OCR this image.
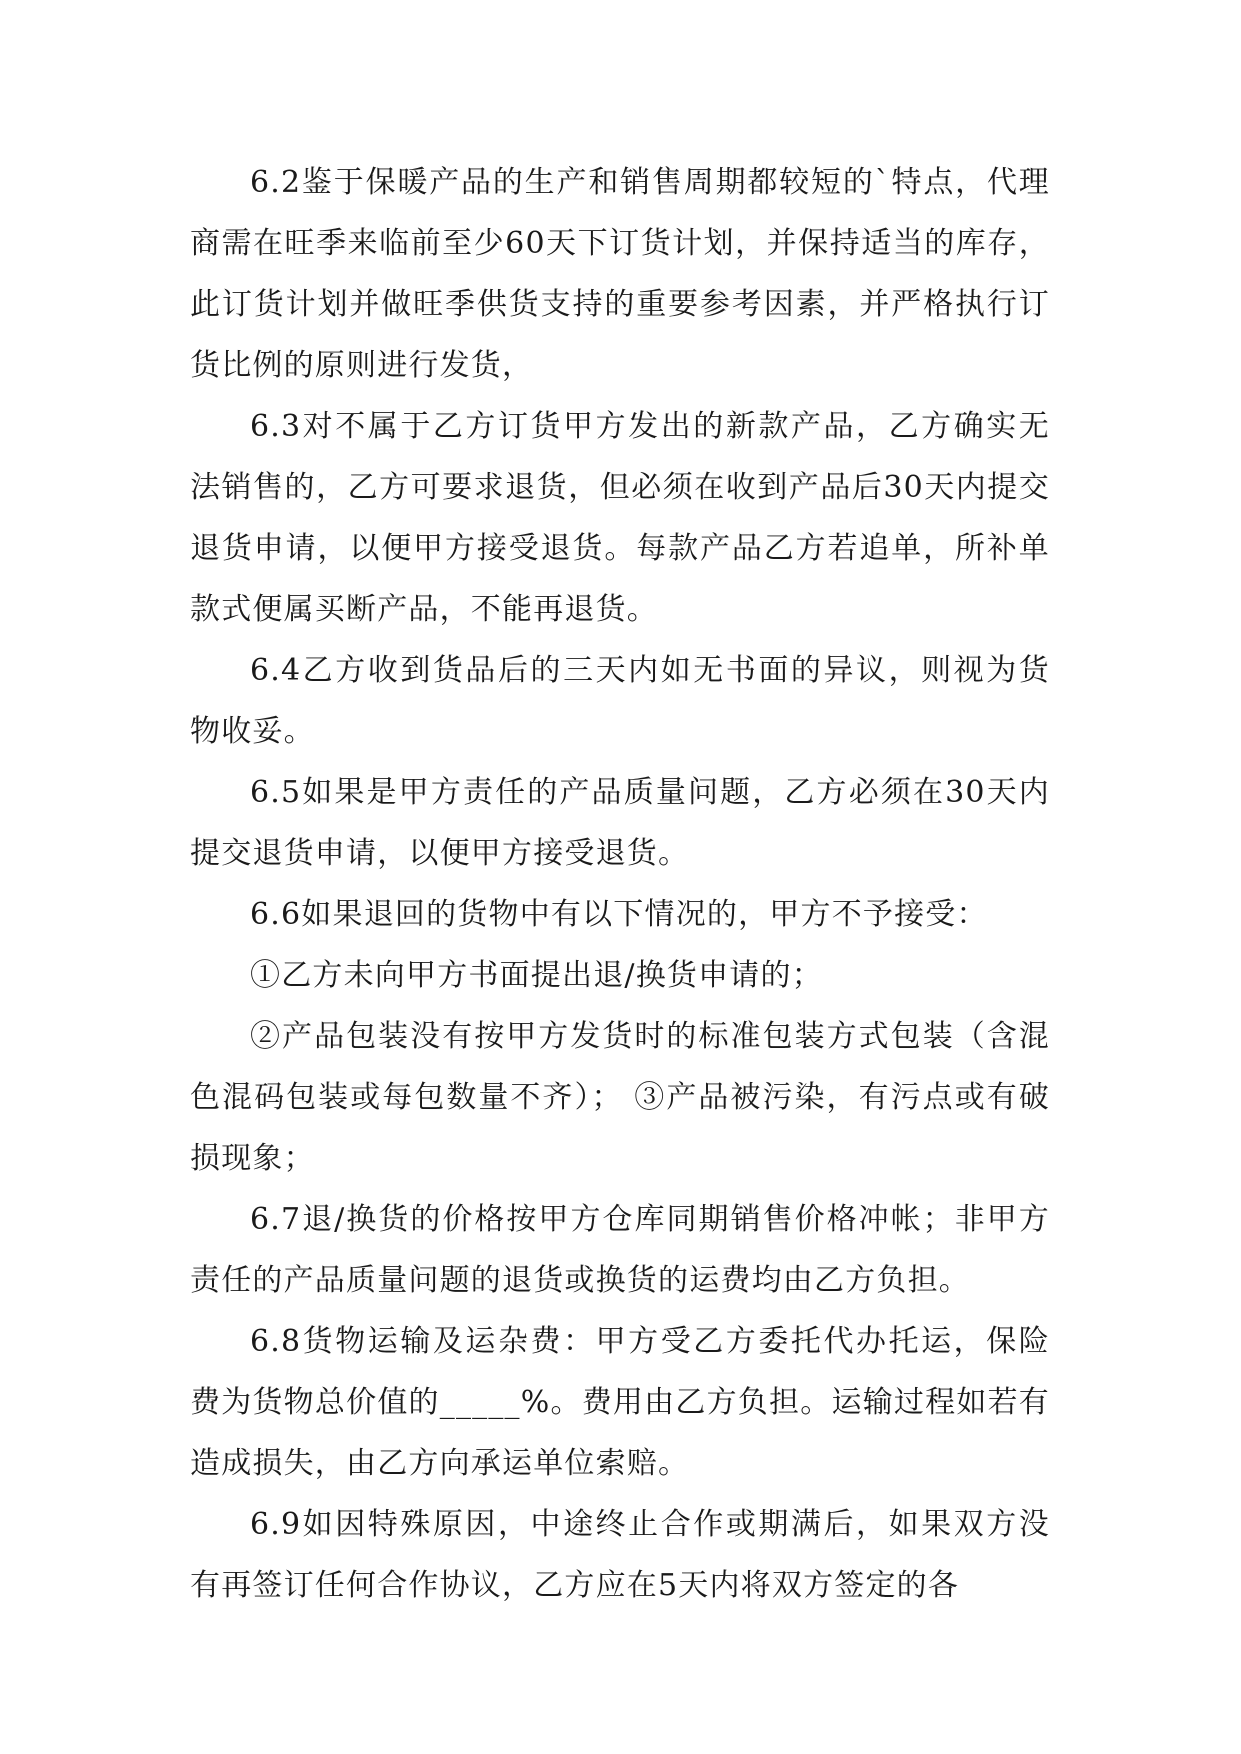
6.2鉴于保暖产品的生产和销售周期都较短的`特点，代理商需在旺季来临前至少60天下订货计划，并保持适当的库存，此订货计划并做旺季供货支持的重要参考因素，并严格执行订货比例的原则进行发货，

6.3对不属于乙方订货甲方发出的新款产品，乙方确实无法销售的，乙方可要求退货，但必须在收到产品后30天内提交退货申请，以便甲方接受退货。每款产品乙方若追单，所补单款式便属买断产品，不能再退货。

6.4乙方收到货品后的三天内如无书面的异议，则视为货物收妥。

6.5如果是甲方责任的产品质量问题，乙方必须在30天内提交退货申请，以便甲方接受退货。

6.6如果退回的货物中有以下情况的，甲方不予接受：

①乙方未向甲方书面提出退/换货申请的；

②产品包装没有按甲方发货时的标准包装方式包装（含混色混码包装或每包数量不齐）； ③产品被污染，有污点或有破损现象；

6.7退/换货的价格按甲方仓库同期销售价格冲帐；非甲方责任的产品质量问题的退货或换货的运费均由乙方负担。

6.8货物运输及运杂费：甲方受乙方委托代办托运，保险费为货物总价值的_____%。费用由乙方负担。运输过程如若有造成损失，由乙方向承运单位索赔。

6.9如因特殊原因，中途终止合作或期满后，如果双方没有再签订任何合作协议，乙方应在5天内将双方签定的各
